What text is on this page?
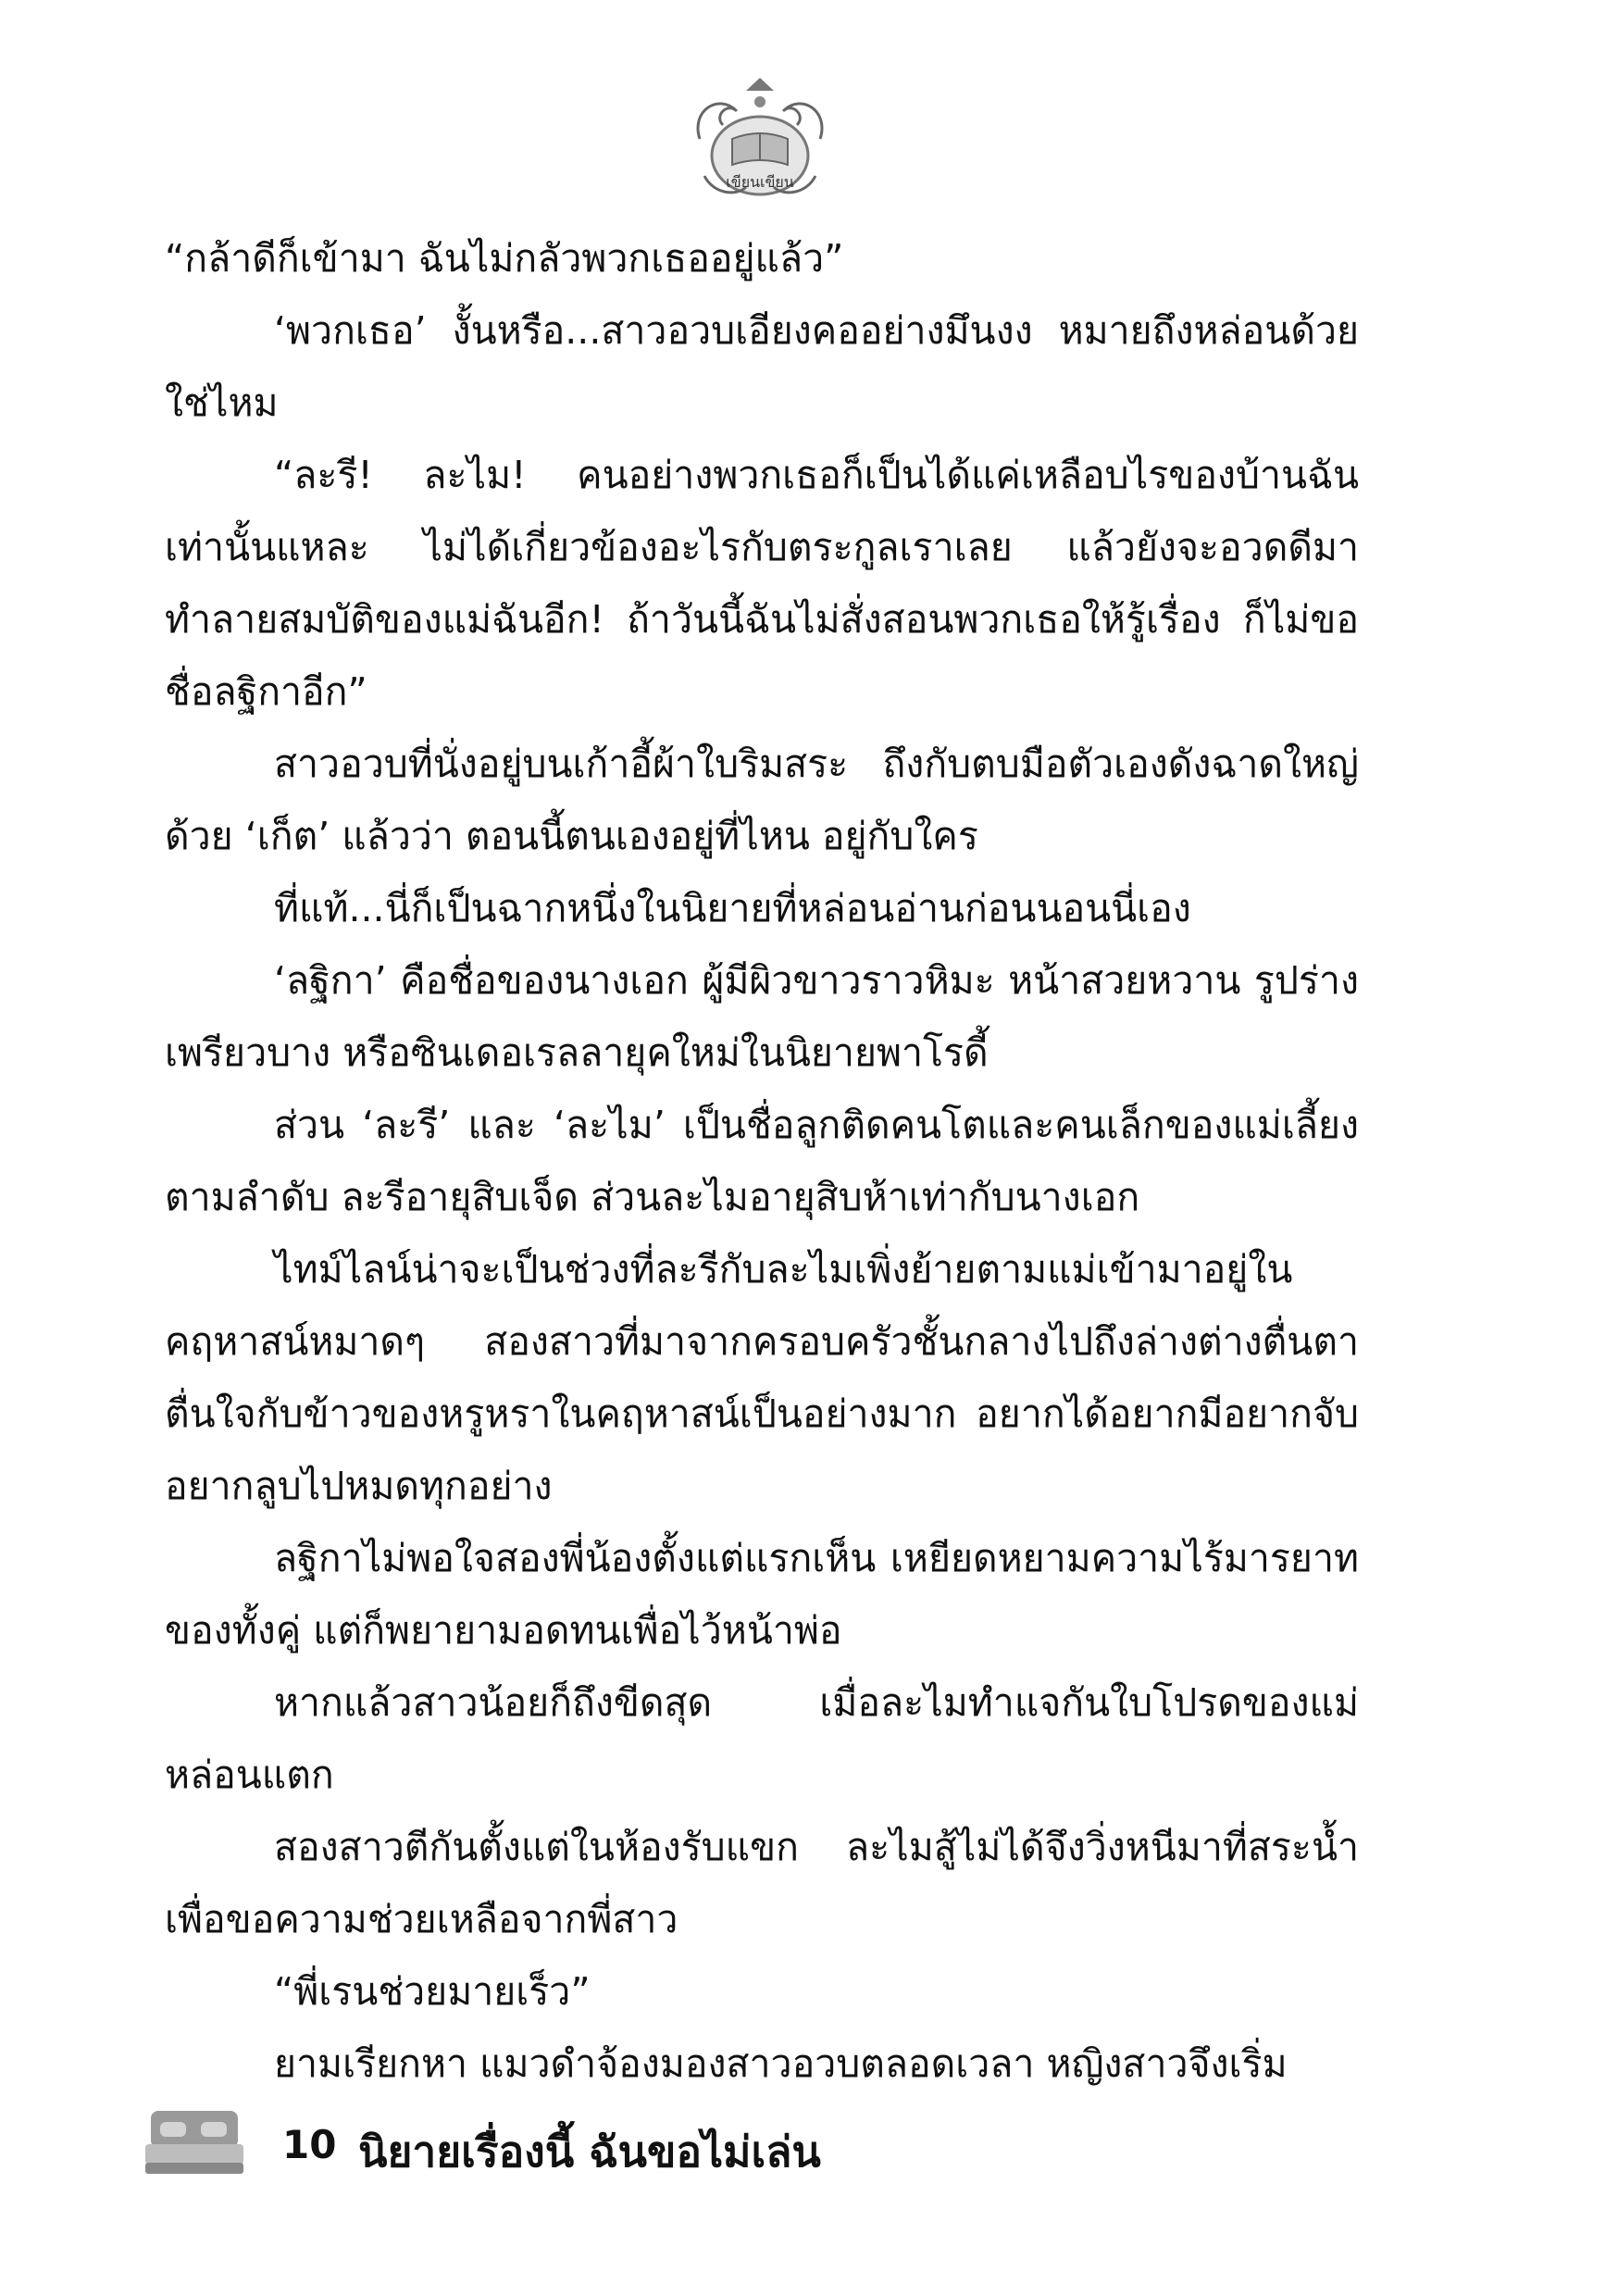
เขียนเขียน

“กล้าดีก็เข้ามา ฉันไม่กลัวพวกเธออยู่แล้ว”

‘พวกเธอ’ งั้นหรือ...สาวอวบเอียงคออย่างมึนงง หมายถึงหล่อนด้วยใช่ไหม

“ละรี! ละไม! คนอย่างพวกเธอก็เป็นได้แค่เหลือบไรของบ้านฉันเท่านั้นแหละ ไม่ได้เกี่ยวข้องอะไรกับตระกูลเราเลย แล้วยังจะอวดดีมาทำลายสมบัติของแม่ฉันอีก! ถ้าวันนี้ฉันไม่สั่งสอนพวกเธอให้รู้เรื่อง ก็ไม่ขอชื่อลฐิกาอีก”

สาวอวบที่นั่งอยู่บนเก้าอี้ผ้าใบริมสระ ถึงกับตบมือตัวเองดังฉาดใหญ่ด้วย ‘เก็ต’ แล้วว่า ตอนนี้ตนเองอยู่ที่ไหน อยู่กับใคร

ที่แท้...นี่ก็เป็นฉากหนึ่งในนิยายที่หล่อนอ่านก่อนนอนนี่เอง

‘ลฐิกา’ คือชื่อของนางเอก ผู้มีผิวขาวราวหิมะ หน้าสวยหวาน รูปร่างเพรียวบาง หรือซินเดอเรลลายุคใหม่ในนิยายพาโรดี้

ส่วน ‘ละรี’ และ ‘ละไม’ เป็นชื่อลูกติดคนโตและคนเล็กของแม่เลี้ยงตามลำดับ ละรีอายุสิบเจ็ด ส่วนละไมอายุสิบห้าเท่ากับนางเอก

ไทม์ไลน์น่าจะเป็นช่วงที่ละรีกับละไมเพิ่งย้ายตามแม่เข้ามาอยู่ในคฤหาสน์หมาดๆ สองสาวที่มาจากครอบครัวชั้นกลางไปถึงล่างต่างตื่นตาตื่นใจกับข้าวของหรูหราในคฤหาสน์เป็นอย่างมาก อยากได้อยากมีอยากจับอยากลูบไปหมดทุกอย่าง

ลฐิกาไม่พอใจสองพี่น้องตั้งแต่แรกเห็น เหยียดหยามความไร้มารยาทของทั้งคู่ แต่ก็พยายามอดทนเพื่อไว้หน้าพ่อ

หากแล้วสาวน้อยก็ถึงขีดสุด เมื่อละไมทำแจกันใบโปรดของแม่หล่อนแตก

สองสาวตีกันตั้งแต่ในห้องรับแขก ละไมสู้ไม่ได้จึงวิ่งหนีมาที่สระน้ำเพื่อขอความช่วยเหลือจากพี่สาว

“พี่เรนช่วยมายเร็ว”

ยามเรียกหา แมวดำจ้องมองสาวอวบตลอดเวลา หญิงสาวจึงเริ่ม

10 นิยายเรื่องนี้ ฉันขอไม่เล่น
